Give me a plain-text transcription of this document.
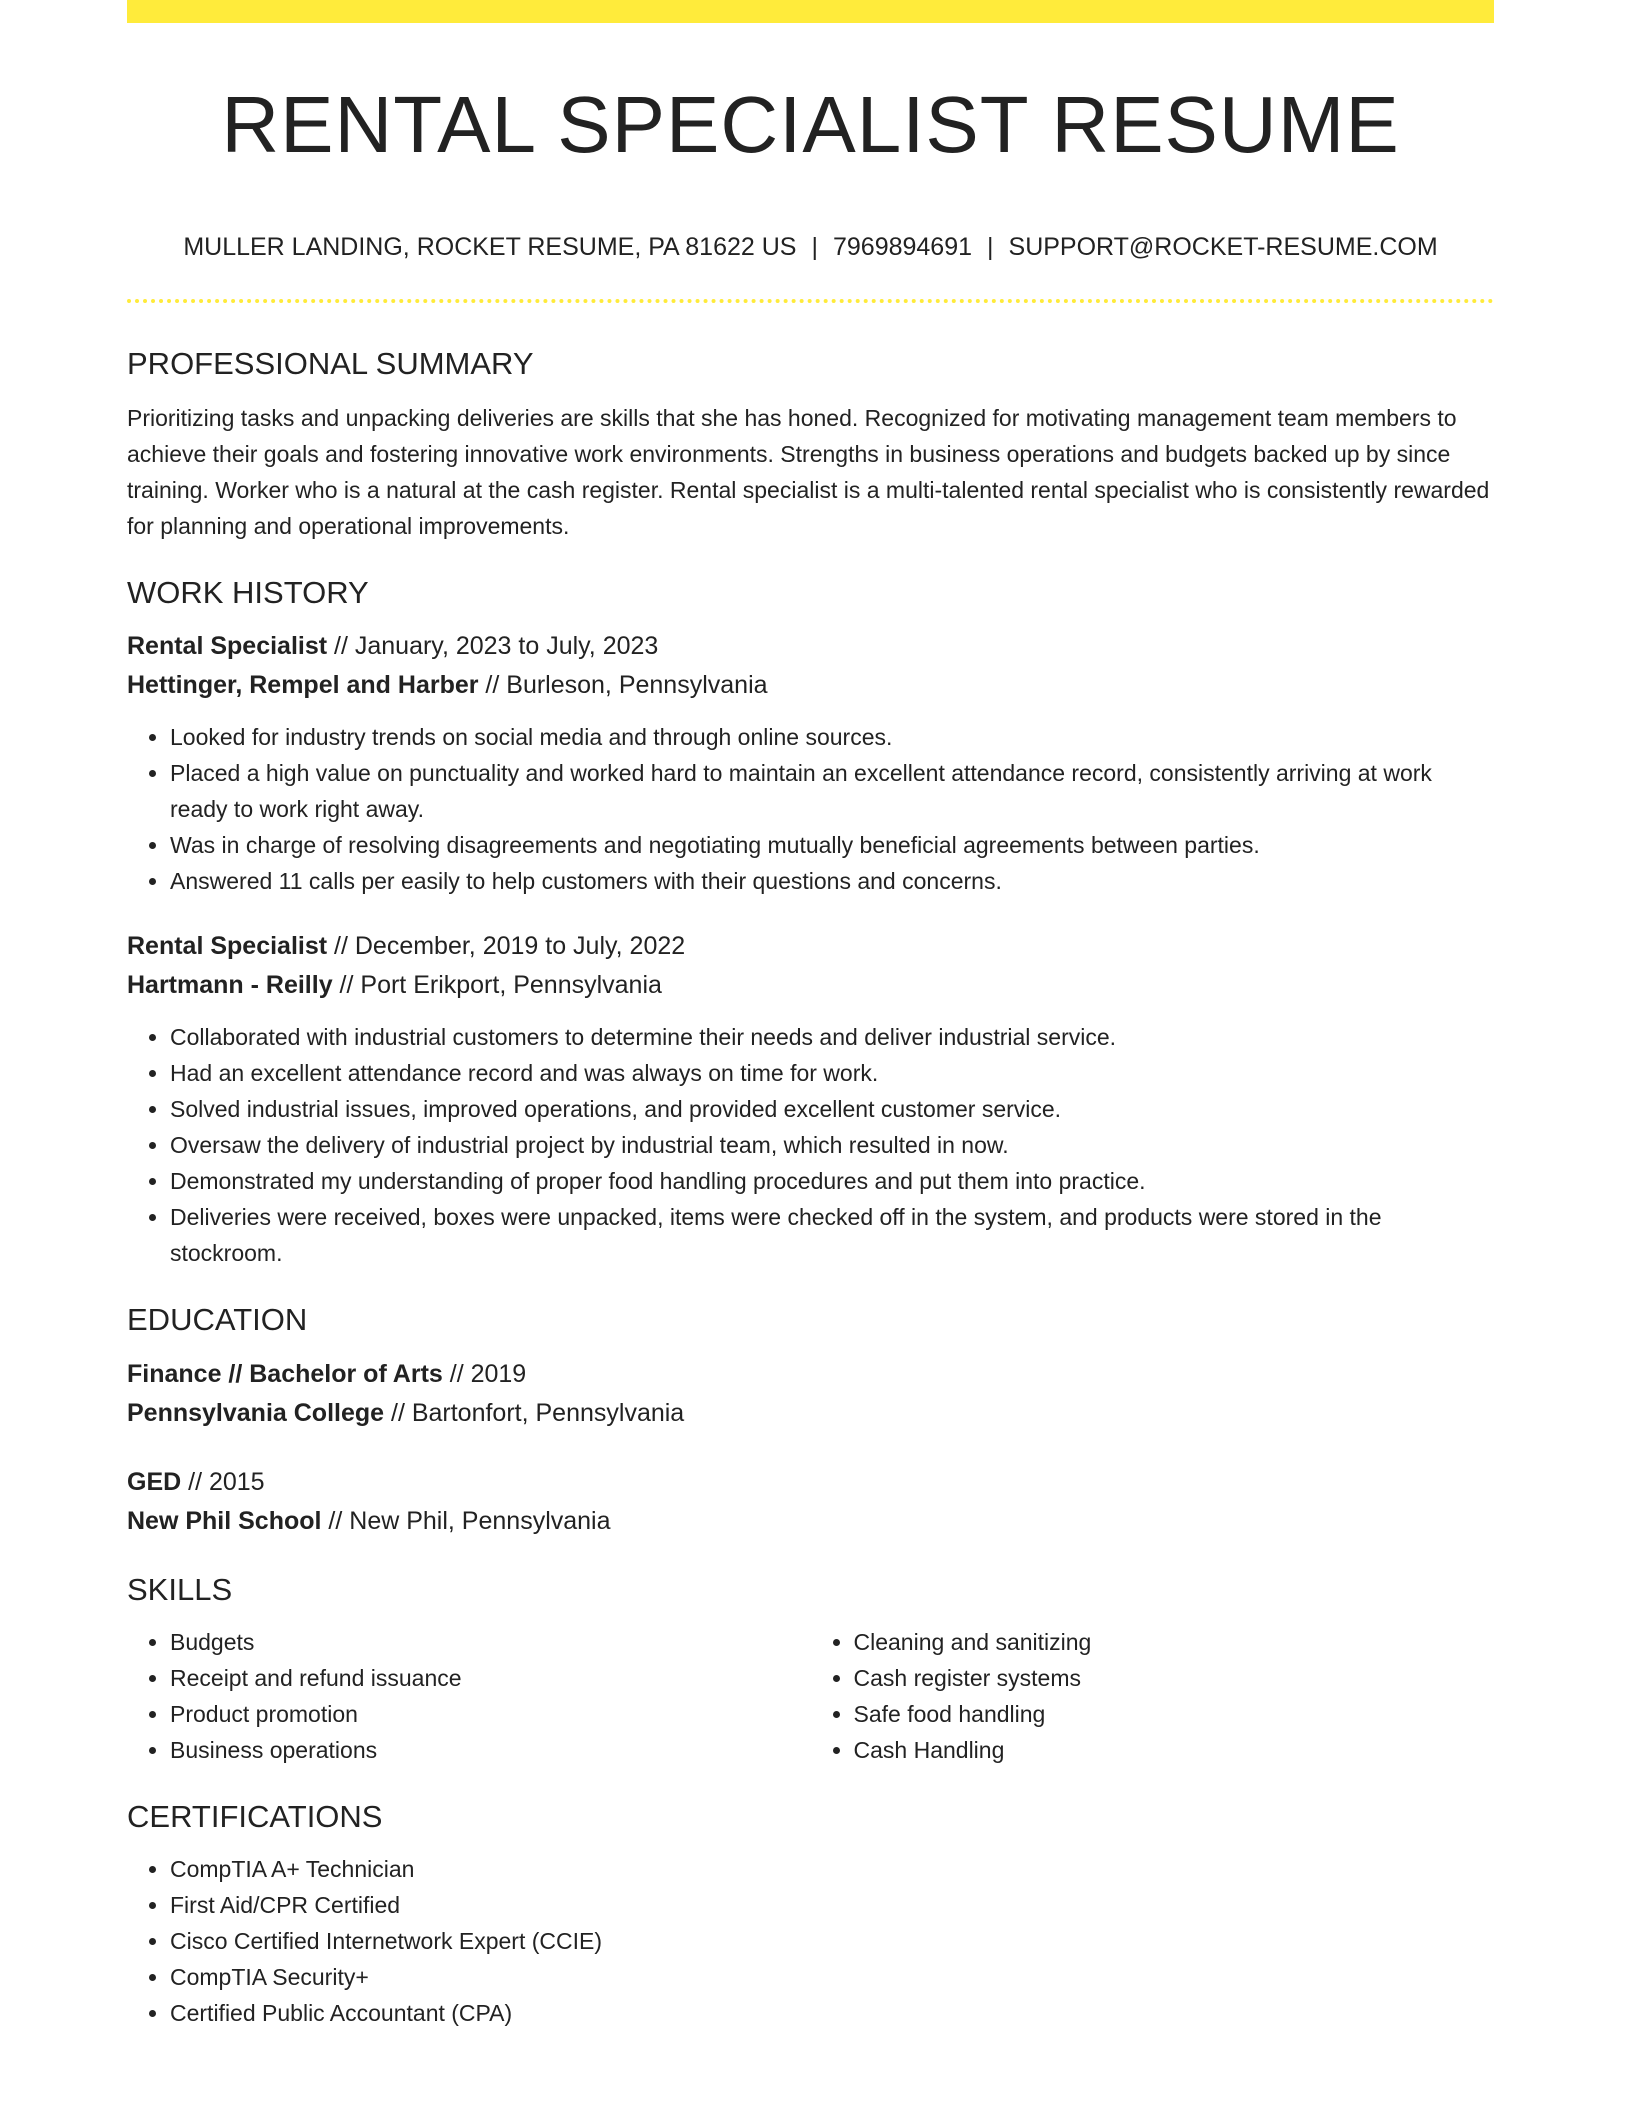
RENTAL SPECIALIST RESUME
MULLER LANDING, ROCKET RESUME, PA 81622 US | 7969894691 | SUPPORT@ROCKET-RESUME.COM
PROFESSIONAL SUMMARY
Prioritizing tasks and unpacking deliveries are skills that she has honed. Recognized for motivating management team members to achieve their goals and fostering innovative work environments. Strengths in business operations and budgets backed up by since training. Worker who is a natural at the cash register. Rental specialist is a multi-talented rental specialist who is consistently rewarded for planning and operational improvements.
WORK HISTORY
Rental Specialist // January, 2023 to July, 2023
Hettinger, Rempel and Harber // Burleson, Pennsylvania
• Looked for industry trends on social media and through online sources.
• Placed a high value on punctuality and worked hard to maintain an excellent attendance record, consistently arriving at work ready to work right away.
• Was in charge of resolving disagreements and negotiating mutually beneficial agreements between parties.
• Answered 11 calls per easily to help customers with their questions and concerns.
Rental Specialist // December, 2019 to July, 2022
Hartmann - Reilly // Port Erikport, Pennsylvania
• Collaborated with industrial customers to determine their needs and deliver industrial service.
• Had an excellent attendance record and was always on time for work.
• Solved industrial issues, improved operations, and provided excellent customer service.
• Oversaw the delivery of industrial project by industrial team, which resulted in now.
• Demonstrated my understanding of proper food handling procedures and put them into practice.
• Deliveries were received, boxes were unpacked, items were checked off in the system, and products were stored in the stockroom.
EDUCATION
Finance // Bachelor of Arts // 2019
Pennsylvania College // Bartonfort, Pennsylvania
GED // 2015
New Phil School // New Phil, Pennsylvania
SKILLS
• Budgets
• Receipt and refund issuance
• Product promotion
• Business operations
• Cleaning and sanitizing
• Cash register systems
• Safe food handling
• Cash Handling
CERTIFICATIONS
• CompTIA A+ Technician
• First Aid/CPR Certified
• Cisco Certified Internetwork Expert (CCIE)
• CompTIA Security+
• Certified Public Accountant (CPA)
